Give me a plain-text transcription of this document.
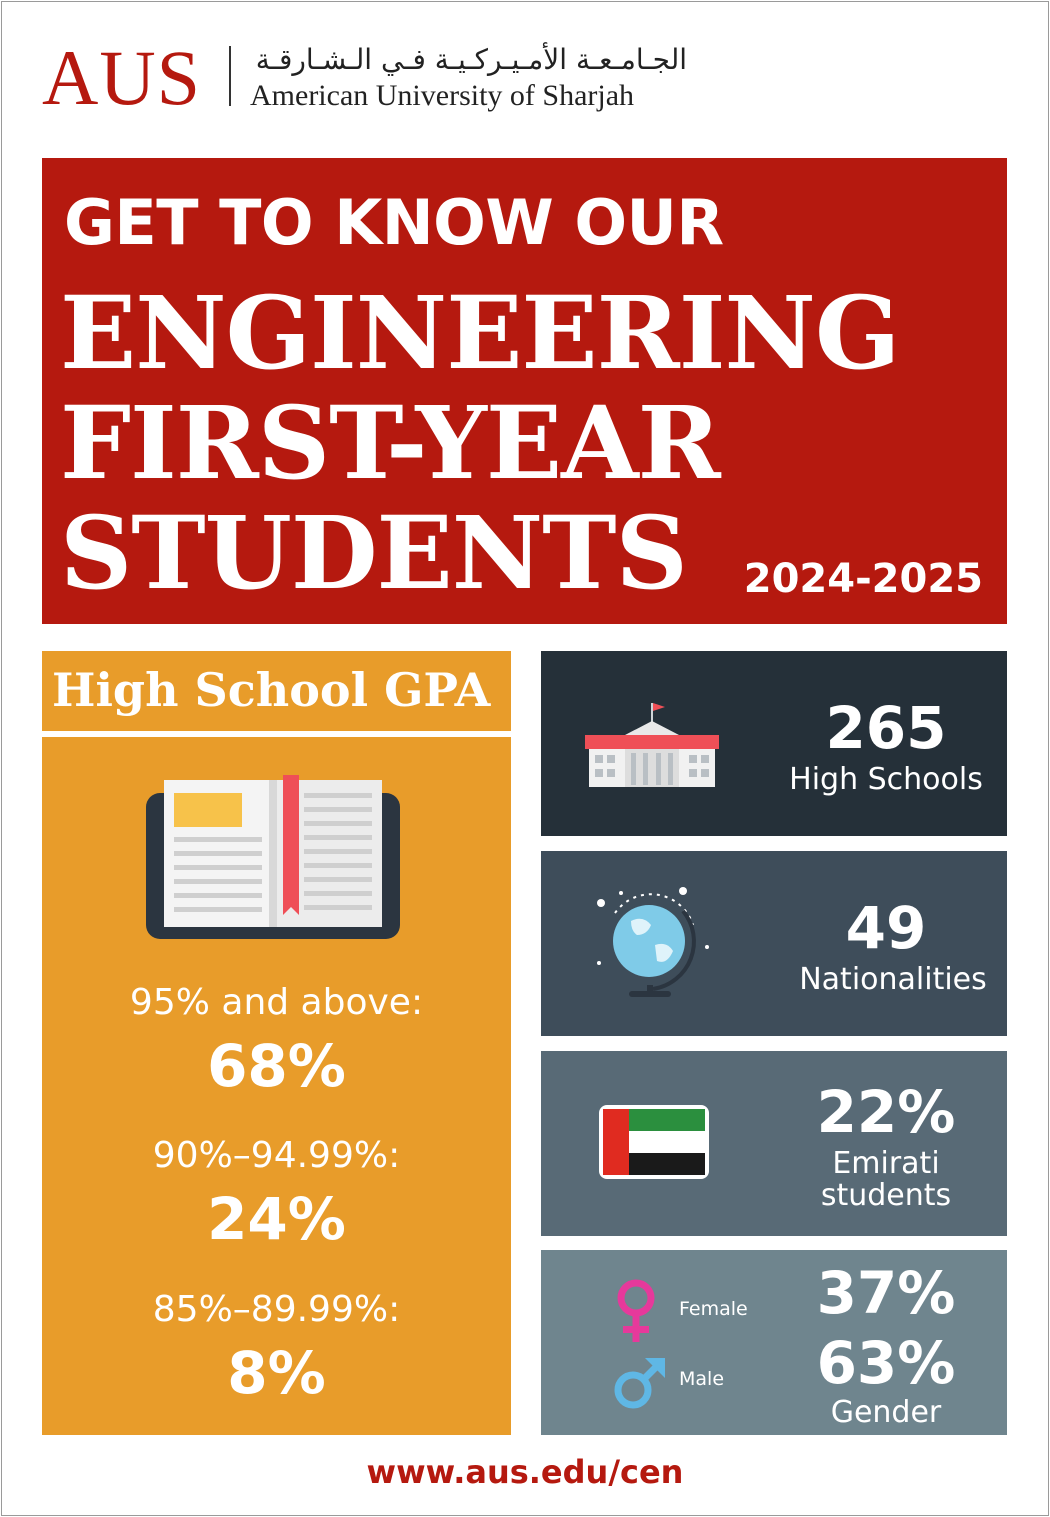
AUS الجـامـعـة الأمـيـركـيـة فـي الـشـارقـة
American University of Sharjah
GET TO KNOW OUR
ENGINEERING
FIRST-YEAR
STUDENTS 2024-2025
High School GPA
95% and above:
68%
90%–94.99%:
24%
85%–89.99%:
8%
265
High Schools
49
Nationalities
22%
Emirati
students
Female
Male
37%
63%
Gender
www.aus.edu/cen
